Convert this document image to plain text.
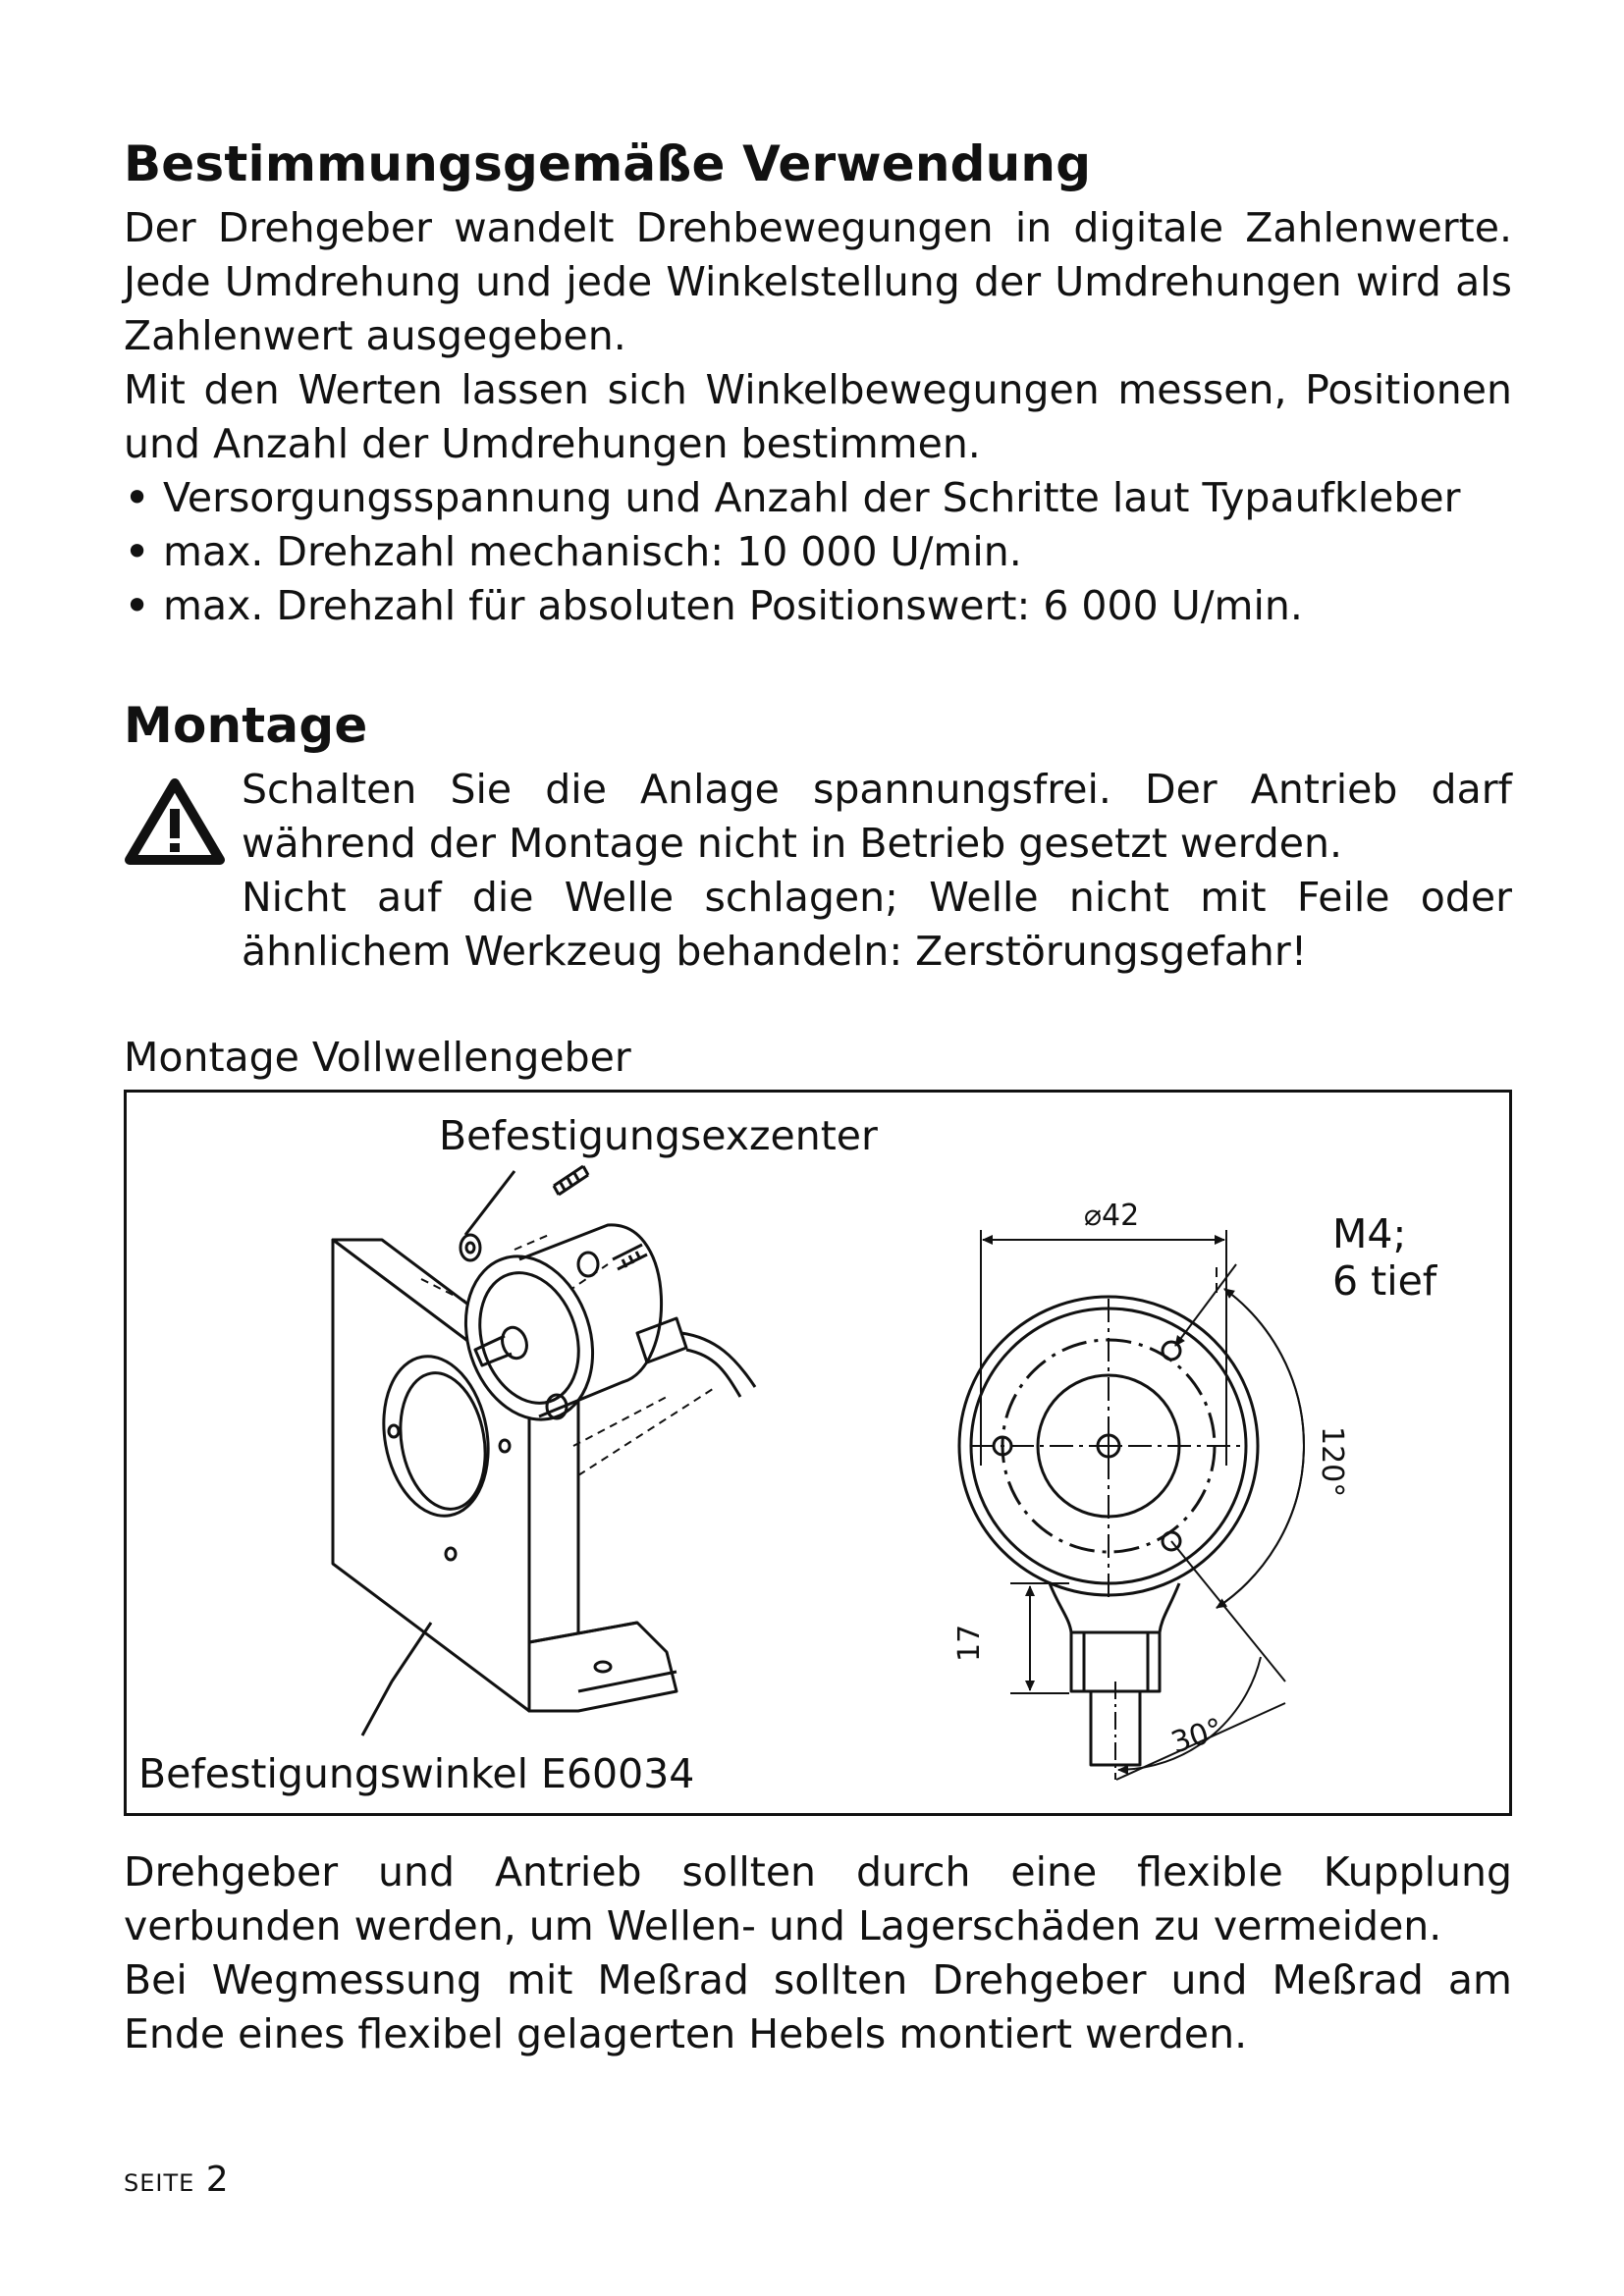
Bestimmungsgemäße Verwendung

Der Drehgeber wandelt Drehbewegungen in digitale Zahlenwerte. Jede Umdrehung und jede Winkelstellung der Umdrehungen wird als Zahlenwert ausgegeben.

Mit den Werten lassen sich Winkelbewegungen messen, Positionen und Anzahl der Umdrehungen bestimmen.

• Versorgungsspannung und Anzahl der Schritte laut Typaufkleber
• max. Drehzahl mechanisch: 10 000 U/min.
• max. Drehzahl für absoluten Positionswert: 6 000 U/min.
Montage

Schalten Sie die Anlage spannungsfrei. Der Antrieb darf während der Montage nicht in Betrieb gesetzt werden.

Nicht auf die Welle schlagen; Welle nicht mit Feile oder ähnlichem Werkzeug behandeln: Zerstörungsgefahr!

Montage Vollwellengeber

120°
17
30°
⌀42
Befestigungsexzenter
Befestigungswinkel E60034
M4;
6 tief

Drehgeber und Antrieb sollten durch eine flexible Kupplung verbunden werden, um Wellen- und Lagerschäden zu vermeiden.

Bei Wegmessung mit Meßrad sollten Drehgeber und Meßrad am Ende eines flexibel gelagerten Hebels montiert werden.

SEITE 2
